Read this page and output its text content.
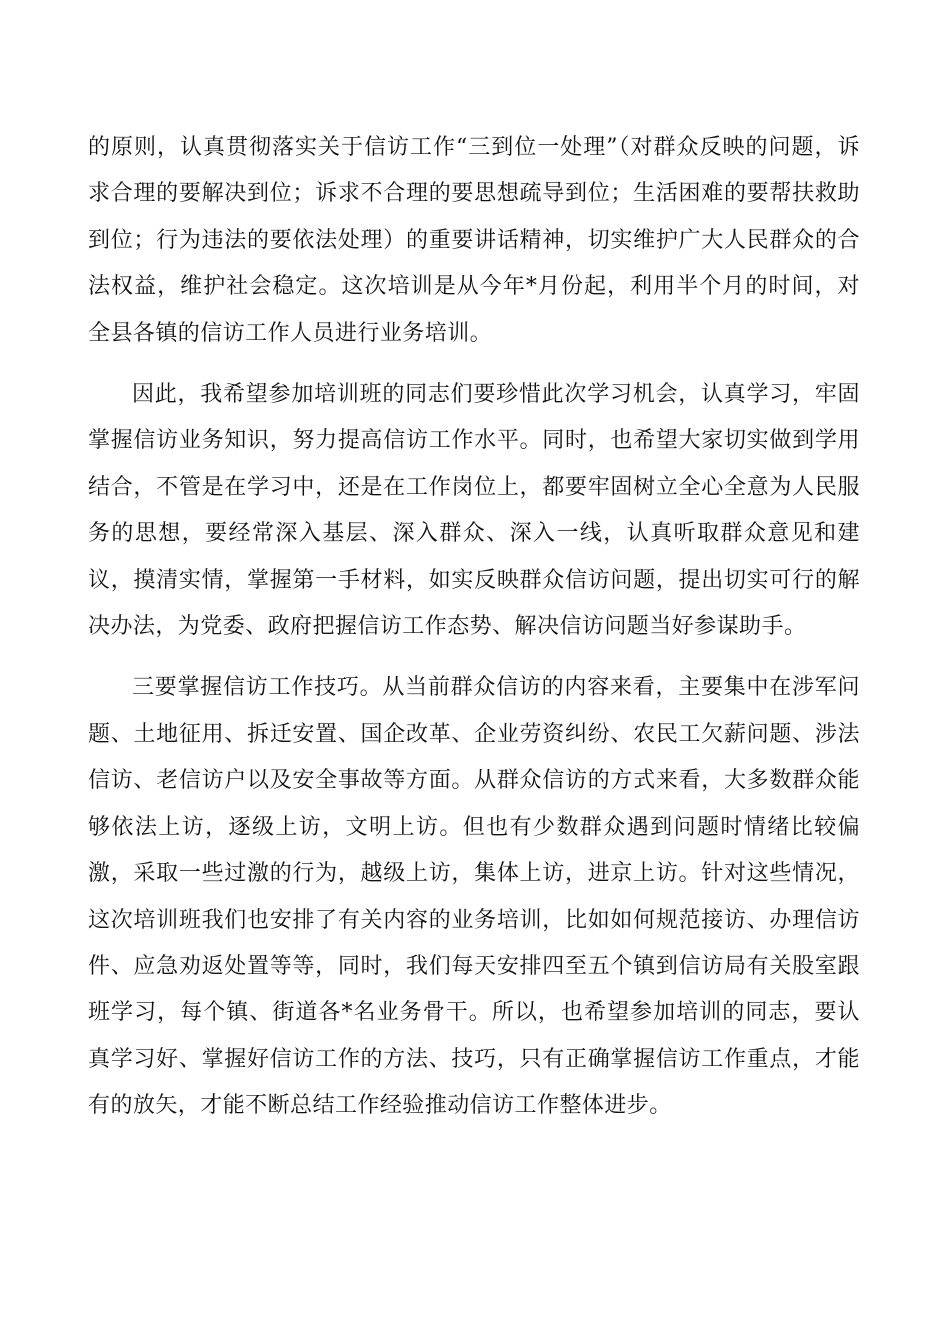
的原则，认真贯彻落实关于信访工作“三到位一处理”（对群众反映的问题，诉求合理的要解决到位；诉求不合理的要思想疏导到位；生活困难的要帮扶救助到位；行为违法的要依法处理）的重要讲话精神，切实维护广大人民群众的合法权益，维护社会稳定。这次培训是从今年*月份起，利用半个月的时间，对全县各镇的信访工作人员进行业务培训。

因此，我希望参加培训班的同志们要珍惜此次学习机会，认真学习，牢固掌握信访业务知识，努力提高信访工作水平。同时，也希望大家切实做到学用结合，不管是在学习中，还是在工作岗位上，都要牢固树立全心全意为人民服务的思想，要经常深入基层、深入群众、深入一线，认真听取群众意见和建议，摸清实情，掌握第一手材料，如实反映群众信访问题，提出切实可行的解决办法，为党委、政府把握信访工作态势、解决信访问题当好参谋助手。

三要掌握信访工作技巧。从当前群众信访的内容来看，主要集中在涉军问题、土地征用、拆迁安置、国企改革、企业劳资纠纷、农民工欠薪问题、涉法信访、老信访户以及安全事故等方面。从群众信访的方式来看，大多数群众能够依法上访，逐级上访，文明上访。但也有少数群众遇到问题时情绪比较偏激，采取一些过激的行为，越级上访，集体上访，进京上访。针对这些情况，这次培训班我们也安排了有关内容的业务培训，比如如何规范接访、办理信访件、应急劝返处置等等，同时，我们每天安排四至五个镇到信访局有关股室跟班学习，每个镇、街道各*名业务骨干。所以，也希望参加培训的同志，要认真学习好、掌握好信访工作的方法、技巧，只有正确掌握信访工作重点，才能有的放矢，才能不断总结工作经验推动信访工作整体进步。
